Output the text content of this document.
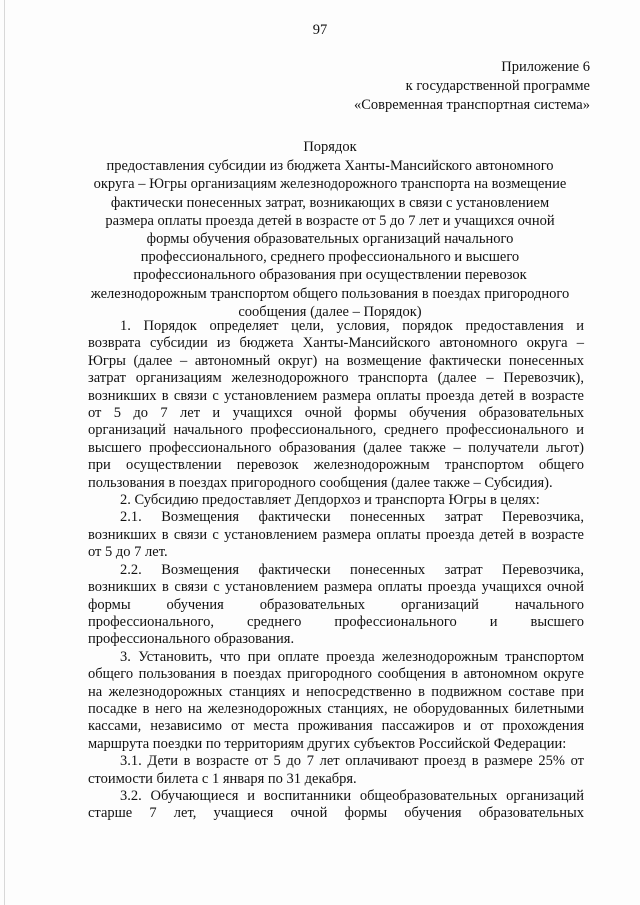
97
Приложение 6
к государственной программе
«Современная транспортная система»
Порядок
предоставления субсидии из бюджета Ханты-Мансийского автономного
округа – Югры организациям железнодорожного транспорта на возмещение
фактически понесенных затрат, возникающих в связи с установлением
размера оплаты проезда детей в возрасте от 5 до 7 лет и учащихся очной
формы обучения образовательных организаций начального
профессионального, среднего профессионального и высшего
профессионального образования при осуществлении перевозок
железнодорожным транспортом общего пользования в поездах пригородного
сообщения (далее – Порядок)
1. Порядок определяет цели, условия, порядок предоставления и
возврата субсидии из бюджета Ханты-Мансийского автономного округа –
Югры (далее – автономный округ) на возмещение фактически понесенных
затрат организациям железнодорожного транспорта (далее – Перевозчик),
возникших в связи с установлением размера оплаты проезда детей в возрасте
от 5 до 7 лет и учащихся очной формы обучения образовательных
организаций начального профессионального, среднего профессионального и
высшего профессионального образования (далее также – получатели льгот)
при осуществлении перевозок железнодорожным транспортом общего
пользования в поездах пригородного сообщения (далее также – Субсидия).
2. Субсидию предоставляет Депдорхоз и транспорта Югры в целях:
2.1. Возмещения фактически понесенных затрат Перевозчика,
возникших в связи с установлением размера оплаты проезда детей в возрасте
от 5 до 7 лет.
2.2. Возмещения фактически понесенных затрат Перевозчика,
возникших в связи с установлением размера оплаты проезда учащихся очной
формы обучения образовательных организаций начального
профессионального, среднего профессионального и высшего
профессионального образования.
3. Установить, что при оплате проезда железнодорожным транспортом
общего пользования в поездах пригородного сообщения в автономном округе
на железнодорожных станциях и непосредственно в подвижном составе при
посадке в него на железнодорожных станциях, не оборудованных билетными
кассами, независимо от места проживания пассажиров и от прохождения
маршрута поездки по территориям других субъектов Российской Федерации:
3.1. Дети в возрасте от 5 до 7 лет оплачивают проезд в размере 25% от
стоимости билета с 1 января по 31 декабря.
3.2. Обучающиеся и воспитанники общеобразовательных организаций
старше 7 лет, учащиеся очной формы обучения образовательных
